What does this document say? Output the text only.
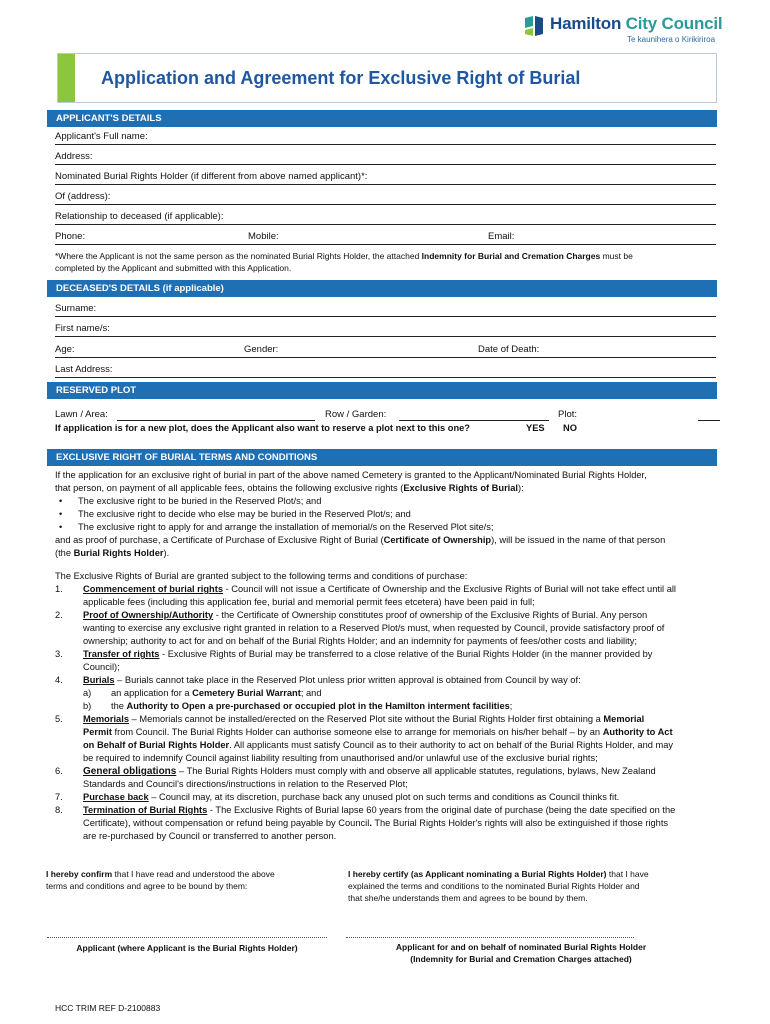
Hamilton City Council
Te kaunihera o Kirikiriroa
Application and Agreement for Exclusive Right of Burial
APPLICANT'S DETAILS
Applicant's Full name:
Address:
Nominated Burial Rights Holder (if different from above named applicant)*:
Of (address):
Relationship to deceased (if applicable):
Phone:	Mobile:	Email:
*Where the Applicant is not the same person as the nominated Burial Rights Holder, the attached Indemnity for Burial and Cremation Charges must be
completed by the Applicant and submitted with this Application.
DECEASED'S DETAILS (if applicable)
Surname:
First name/s:
Age:	Gender:	Date of Death:
Last Address:
RESERVED PLOT
Lawn / Area:	Row / Garden:	Plot:
If application is for a new plot, does the Applicant also want to reserve a plot next to this one?	YES NO
EXCLUSIVE RIGHT OF BURIAL TERMS AND CONDITIONS
If the application for an exclusive right of burial in part of the above named Cemetery is granted to the Applicant/Nominated Burial Rights Holder,
that person, on payment of all applicable fees, obtains the following exclusive rights (Exclusive Rights of Burial):
• The exclusive right to be buried in the Reserved Plot/s; and
• The exclusive right to decide who else may be buried in the Reserved Plot/s; and
• The exclusive right to apply for and arrange the installation of memorial/s on the Reserved Plot site/s;
and as proof of purchase, a Certificate of Purchase of Exclusive Right of Burial (Certificate of Ownership), will be issued in the name of that person
(the Burial Rights Holder).
The Exclusive Rights of Burial are granted subject to the following terms and conditions of purchase:
1. Commencement of burial rights - Council will not issue a Certificate of Ownership and the Exclusive Rights of Burial will not take effect until all
applicable fees (including this application fee, burial and memorial permit fees etcetera) have been paid in full;
2. Proof of Ownership/Authority - the Certificate of Ownership constitutes proof of ownership of the Exclusive Rights of Burial. Any person
wanting to exercise any exclusive right granted in relation to a Reserved Plot/s must, when requested by Council, provide satisfactory proof of
ownership; authority to act for and on behalf of the Burial Rights Holder; and an indemnity for payments of fees/other costs and liability;
3. Transfer of rights - Exclusive Rights of Burial may be transferred to a close relative of the Burial Rights Holder (in the manner provided by
Council);
4. Burials – Burials cannot take place in the Reserved Plot unless prior written approval is obtained from Council by way of:
a) an application for a Cemetery Burial Warrant; and
b) the Authority to Open a pre-purchased or occupied plot in the Hamilton interment facilities;
5. Memorials – Memorials cannot be installed/erected on the Reserved Plot site without the Burial Rights Holder first obtaining a Memorial
Permit from Council. The Burial Rights Holder can authorise someone else to arrange for memorials on his/her behalf – by an Authority to Act
on Behalf of Burial Rights Holder. All applicants must satisfy Council as to their authority to act on behalf of the Burial Rights Holder, and may
be required to indemnify Council against liability resulting from unauthorised and/or unlawful use of the exclusive burial rights;
6. General obligations – The Burial Rights Holders must comply with and observe all applicable statutes, regulations, bylaws, New Zealand
Standards and Council's directions/instructions in relation to the Reserved Plot;
7. Purchase back – Council may, at its discretion, purchase back any unused plot on such terms and conditions as Council thinks fit.
8. Termination of Burial Rights - The Exclusive Rights of Burial lapse 60 years from the original date of purchase (being the date specified on the
Certificate), without compensation or refund being payable by Council. The Burial Rights Holder's rights will also be extinguished if those rights
are re-purchased by Council or transferred to another person.
I hereby confirm that I have read and understood the above
terms and conditions and agree to be bound by them:
I hereby certify (as Applicant nominating a Burial Rights Holder) that I have
explained the terms and conditions to the nominated Burial Rights Holder and
that she/he understands them and agrees to be bound by them.
Applicant (where Applicant is the Burial Rights Holder)	Applicant for and on behalf of nominated Burial Rights Holder
(Indemnity for Burial and Cremation Charges attached)
HCC TRIM REF D-2100883
